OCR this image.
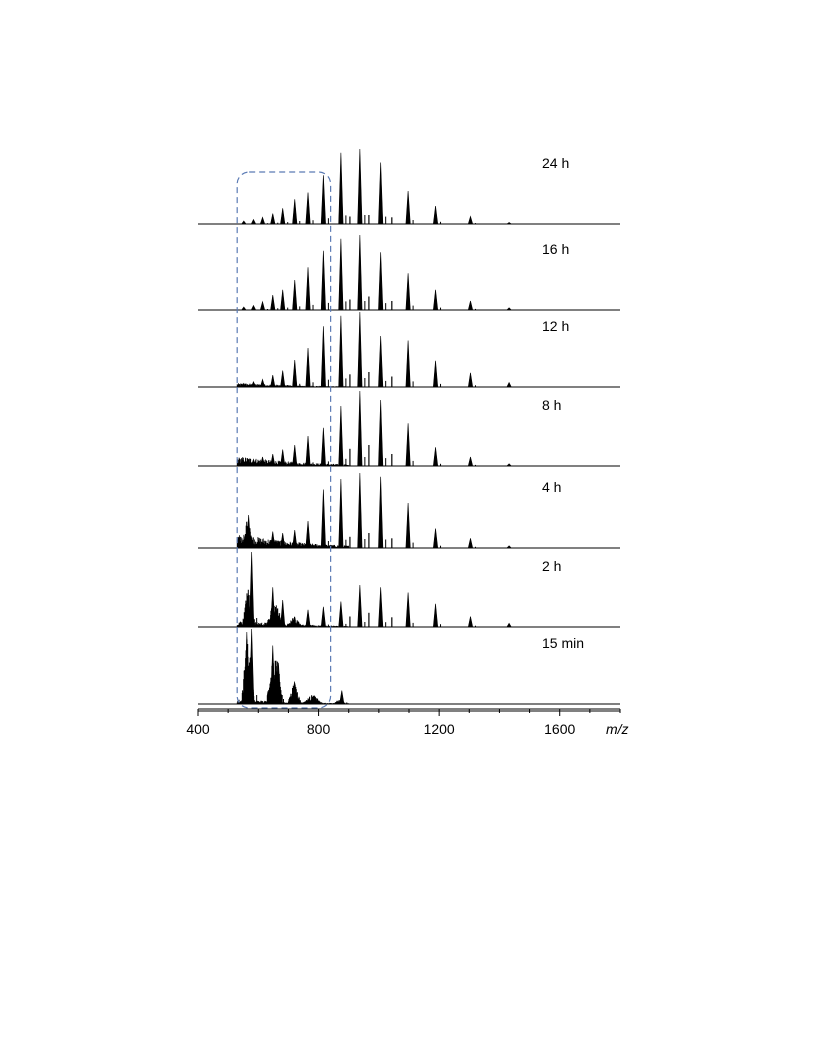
24 h
16 h
12 h
8 h
4 h
2 h
15 min
400	800	1200	1600 m/z
